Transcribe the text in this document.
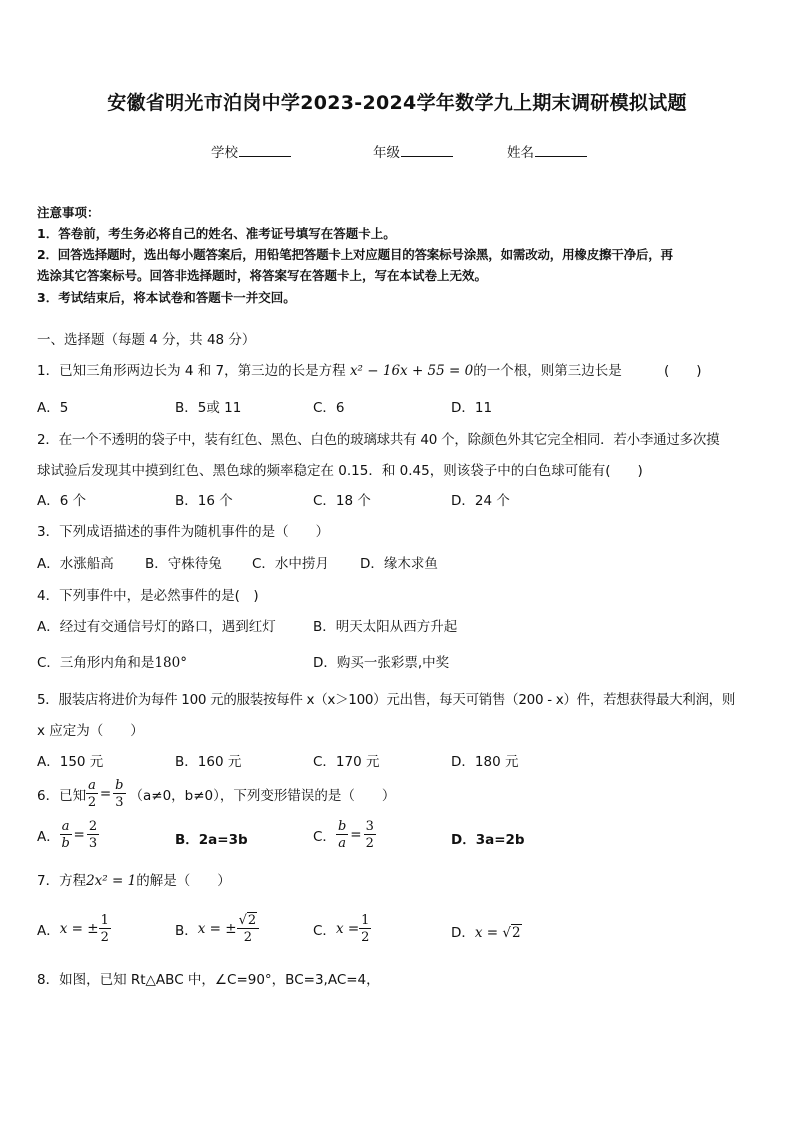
安徽省明光市泊岗中学2023-2024学年数学九上期末调研模拟试题
学校	年级	姓名
注意事项：
1．答卷前，考生务必将自己的姓名、准考证号填写在答题卡上。
2．回答选择题时，选出每小题答案后，用铅笔把答题卡上对应题目的答案标号涂黑，如需改动，用橡皮擦干净后，再
选涂其它答案标号。回答非选择题时，将答案写在答题卡上，写在本试卷上无效。
3．考试结束后，将本试卷和答题卡一并交回。
一、选择题（每题 4 分，共 48 分）
1．已知三角形两边长为 4 和 7，第三边的长是方程 x² − 16x + 55 = 0的一个根，则第三边长是	(　　)
A．5	B．5或 11	C．6	D．11
2．在一个不透明的袋子中，装有红色、黑色、白色的玻璃球共有 40 个，除颜色外其它完全相同．若小李通过多次摸
球试验后发现其中摸到红色、黑色球的频率稳定在 0.15．和 0.45，则该袋子中的白色球可能有(　　)
A．6 个	B．16 个	C．18 个	D．24 个
3．下列成语描述的事件为随机事件的是（　　）
A．水涨船高 B．守株待兔 C．水中捞月 D．缘木求鱼
4．下列事件中，是必然事件的是(　)
A．经过有交通信号灯的路口，遇到红灯	B．明天太阳从西方升起
C．三角形内角和是180°	D．购买一张彩票,中奖
5．服装店将进价为每件 100 元的服装按每件 x（x＞100）元出售，每天可销售（200 - x）件，若想获得最大利润，则
x 应定为（　　）
A．150 元	B．160 元	C．170 元	D．180 元
6．已知 $\frac{a}{2} = \frac{b}{3} (a\ne 0$，b≠0），下列变形错误的是（　　）
A． $\frac{a}{b} = \frac{2}{3}$	B．2a=3b	C． $\frac{b}{a} = \frac{3}{2}$	D．3a=2b
7．方程2x² = 1的解是（　　）
A． x = ± $\frac{1}{2}$	B． x = ± $\frac{√2}{2}$	C． $x = \frac{1}{2}$	D．x = √2
8．如图，已知 Rt△ABC 中，∠C=90°，BC=3,AC=4，
